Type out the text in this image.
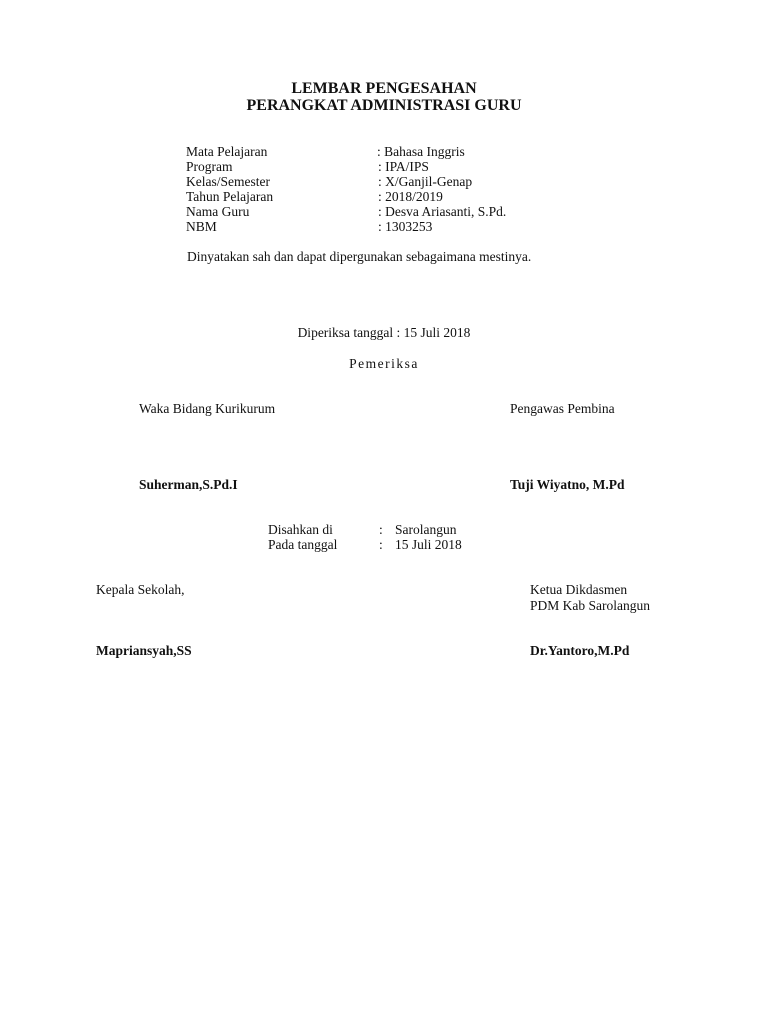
LEMBAR PENGESAHAN
PERANGKAT ADMINISTRASI GURU
Mata Pelajaran	: Bahasa Inggris
Program	: IPA/IPS
Kelas/Semester	: X/Ganjil-Genap
Tahun Pelajaran	: 2018/2019
Nama Guru	: Desva Ariasanti, S.Pd.
NBM	: 1303253
Dinyatakan sah dan dapat dipergunakan sebagaimana mestinya.
Diperiksa tanggal : 15 Juli 2018
Pemeriksa
Waka Bidang Kurikurum	Pengawas Pembina
Suherman,S.Pd.I	Tuji Wiyatno, M.Pd
Disahkan di	: Sarolangun
Pada tanggal	: 15 Juli 2018
Kepala Sekolah,	Ketua Dikdasmen
PDM Kab Sarolangun
Mapriansyah,SS	Dr.Yantoro,M.Pd
